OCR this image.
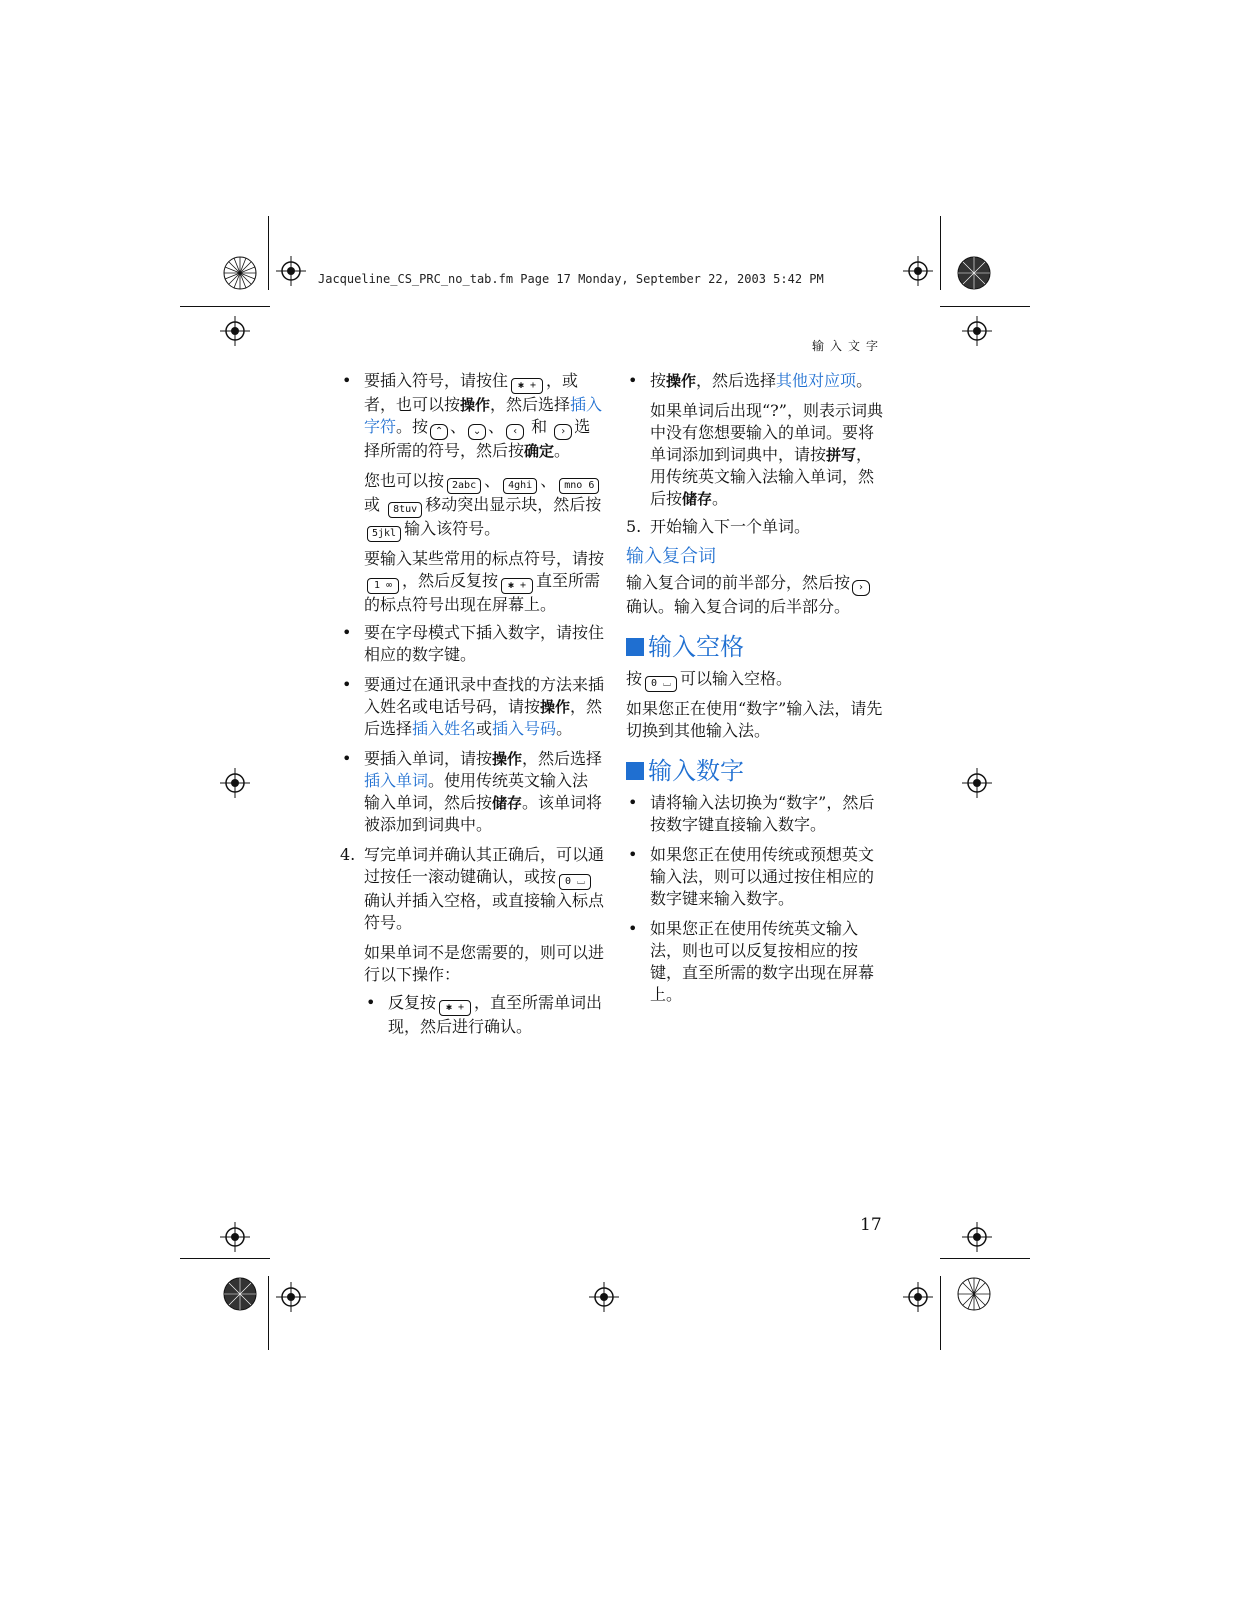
Jacqueline_CS_PRC_no_tab.fm Page 17 Monday, September 22, 2003 5:42 PM
输入文字
• 要插入符号，请按住 ✱ + ，或者，也可以按操作，然后选择插入字符。按 ⌃ 、 ⌄ 、 ‹ 和 › 选择所需的符号，然后按确定。

您也可以按 2abc 、 4ghi 、 mno 6 或 8tuv 移动突出显示块，然后按5jkl 输入该符号。

要输入某些常用的标点符号，请按1 ∞ ，然后反复按 ✱ + 直至所需的标点符号出现在屏幕上。

• 要在字母模式下插入数字，请按住相应的数字键。
• 要通过在通讯录中查找的方法来插入姓名或电话号码，请按操作，然后选择插入姓名或插入号码。
• 要插入单词，请按操作，然后选择插入单词。使用传统英文输入法输入单词，然后按储存。该单词将被添加到词典中。
4. 写完单词并确认其正确后，可以通过按任一滚动键确认，或按 0 ⌴确认并插入空格，或直接输入标点符号。

如果单词不是您需要的，则可以进行以下操作：

• 反复按 ✱ + ，直至所需单词出现，然后进行确认。
• 按操作，然后选择其他对应项。

如果单词后出现“?”，则表示词典中没有您想要输入的单词。要将单词添加到词典中，请按拼写，用传统英文输入法输入单词，然后按储存。

5. 开始输入下一个单词。
输入复合词

输入复合词的前半部分，然后按 ›确认。输入复合词的后半部分。

输入空格

按 0 ⌴ 可以输入空格。

如果您正在使用“数字”输入法，请先切换到其他输入法。

输入数字
• 请将输入法切换为“数字”，然后按数字键直接输入数字。
• 如果您正在使用传统或预想英文输入法，则可以通过按住相应的数字键来输入数字。
• 如果您正在使用传统英文输入法，则也可以反复按相应的按键，直至所需的数字出现在屏幕上。
17
